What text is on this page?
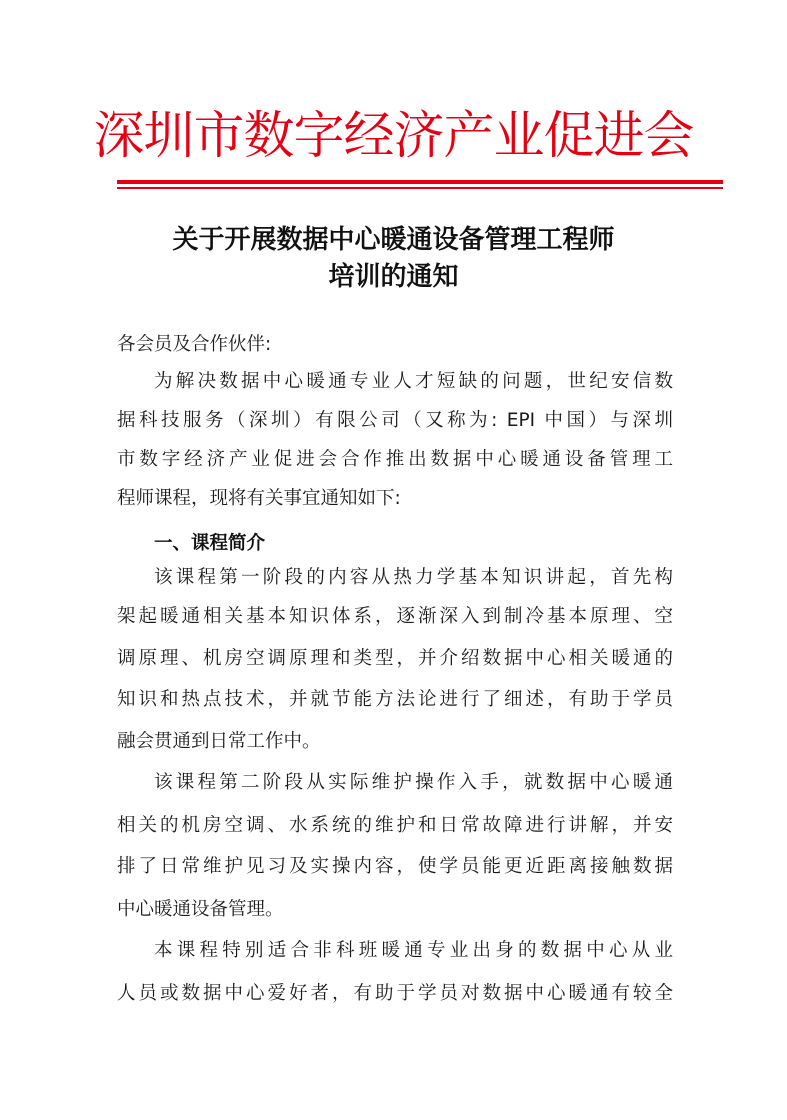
深圳市数字经济产业促进会
关于开展数据中心暖通设备管理工程师
培训的通知
各会员及合作伙伴:
为解决数据中心暖通专业人才短缺的问题，世纪安信数
据科技服务（深圳）有限公司（又称为: EPI 中国）与深圳
市数字经济产业促进会合作推出数据中心暖通设备管理工
程师课程，现将有关事宜通知如下:
一、课程简介
该课程第一阶段的内容从热力学基本知识讲起，首先构
架起暖通相关基本知识体系，逐渐深入到制冷基本原理、空
调原理、机房空调原理和类型，并介绍数据中心相关暖通的
知识和热点技术，并就节能方法论进行了细述，有助于学员
融会贯通到日常工作中。
该课程第二阶段从实际维护操作入手，就数据中心暖通
相关的机房空调、水系统的维护和日常故障进行讲解，并安
排了日常维护见习及实操内容，使学员能更近距离接触数据
中心暖通设备管理。
本课程特别适合非科班暖通专业出身的数据中心从业
人员或数据中心爱好者，有助于学员对数据中心暖通有较全
